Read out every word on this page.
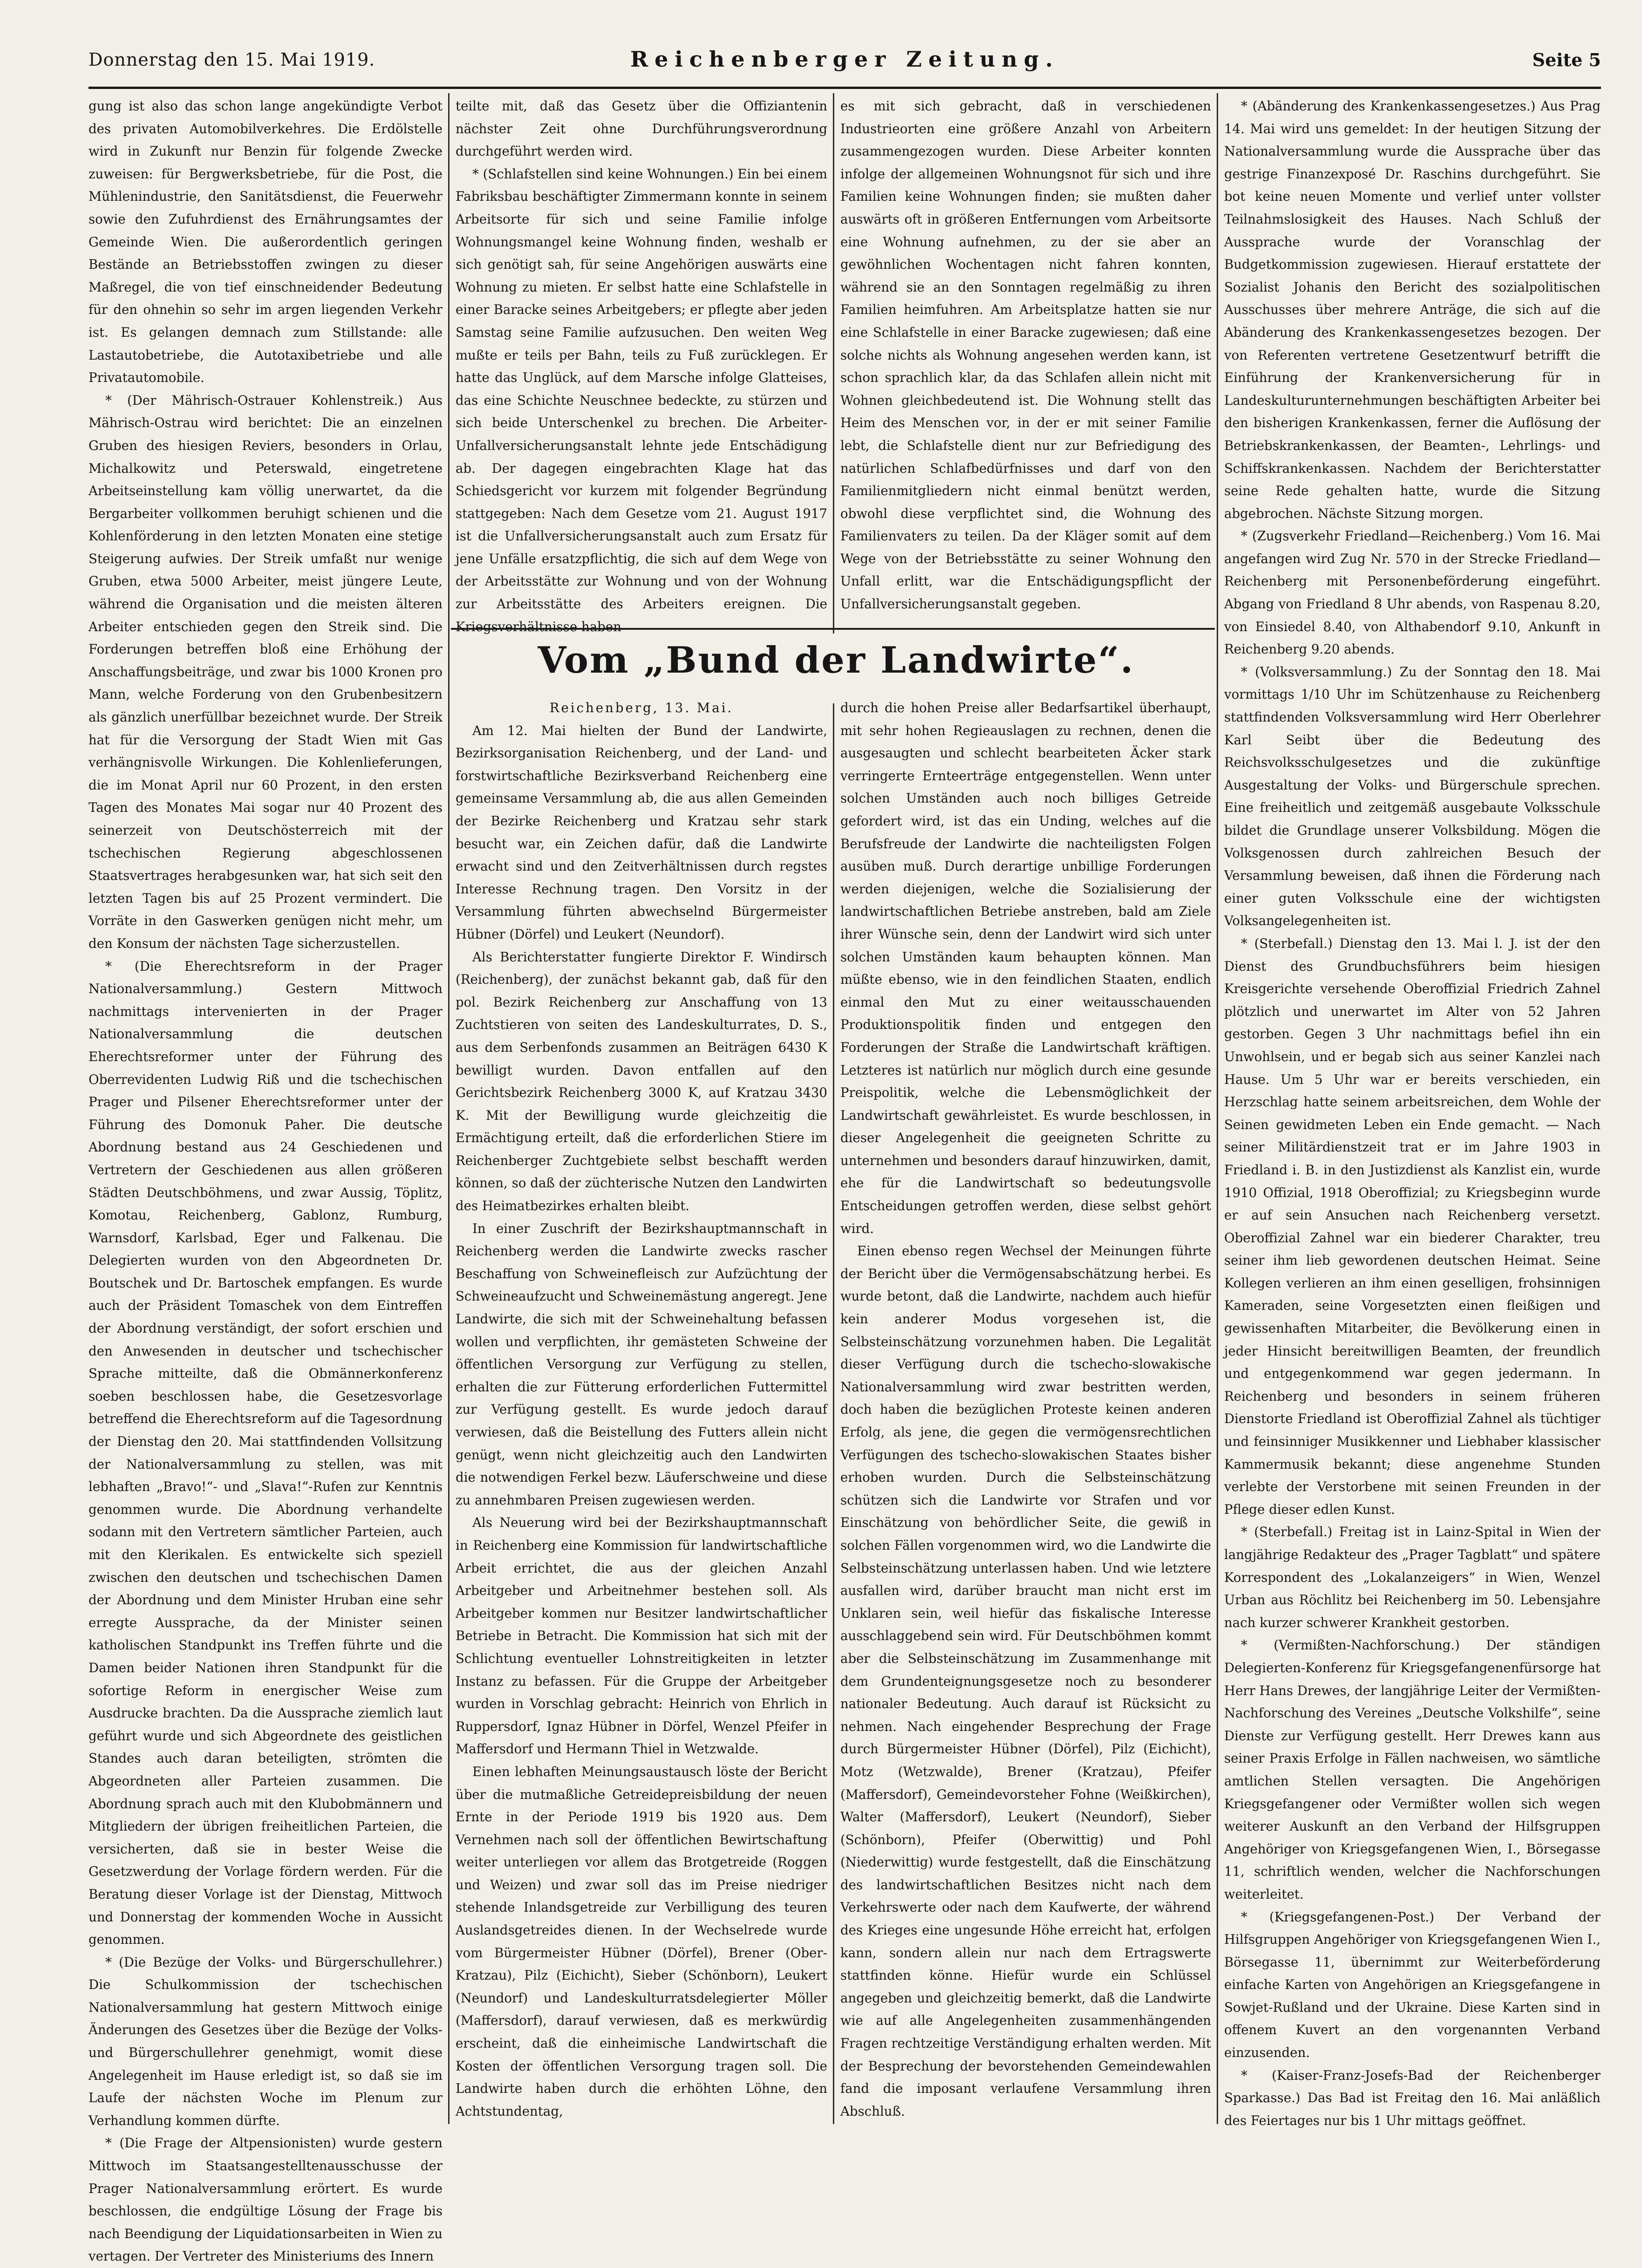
Donnerstag den 15. Mai 1919.	Reichenberger Zeitung.	Seite 5

gung ist also das schon lange angekündigte Verbot des privaten Automobilverkehres. Die Erdölstelle wird in Zukunft nur Benzin für folgende Zwecke zuweisen: für Bergwerksbetriebe, für die Post, die Mühlenindustrie, den Sanitätsdienst, die Feuerwehr sowie den Zufuhrdienst des Ernährungsamtes der Gemeinde Wien. Die außerordentlich geringen Bestände an Betriebsstoffen zwingen zu dieser Maßregel, die von tief einschneidender Bedeutung für den ohnehin so sehr im argen liegenden Verkehr ist. Es gelangen demnach zum Stillstande: alle Lastautobetriebe, die Autotaxibetriebe und alle Privatautomobile.

* (Der Mährisch-Ostrauer Kohlenstreik.) Aus Mährisch-Ostrau wird berichtet: Die an einzelnen Gruben des hiesigen Reviers, besonders in Orlau, Michalkowitz und Peterswald, eingetretene Arbeitseinstellung kam völlig unerwartet, da die Bergarbeiter vollkommen beruhigt schienen und die Kohlenförderung in den letzten Monaten eine stetige Steigerung aufwies. Der Streik umfaßt nur wenige Gruben, etwa 5000 Arbeiter, meist jüngere Leute, während die Organisation und die meisten älteren Arbeiter entschieden gegen den Streik sind. Die Forderungen betreffen bloß eine Erhöhung der Anschaffungsbeiträge, und zwar bis 1000 Kronen pro Mann, welche Forderung von den Grubenbesitzern als gänzlich unerfüllbar bezeichnet wurde. Der Streik hat für die Versorgung der Stadt Wien mit Gas verhängnisvolle Wirkungen. Die Kohlenlieferungen, die im Monat April nur 60 Prozent, in den ersten Tagen des Monates Mai sogar nur 40 Prozent des seinerzeit von Deutschösterreich mit der tschechischen Regierung abgeschlossenen Staatsvertrages herabgesunken war, hat sich seit den letzten Tagen bis auf 25 Prozent vermindert. Die Vorräte in den Gaswerken genügen nicht mehr, um den Konsum der nächsten Tage sicherzustellen.

* (Die Eherechtsreform in der Prager Nationalversammlung.) Gestern Mittwoch nachmittags intervenierten in der Prager Nationalversammlung die deutschen Eherechtsreformer unter der Führung des Oberrevidenten Ludwig Riß und die tschechischen Prager und Pilsener Eherechtsreformer unter der Führung des Domonuk Paher. Die deutsche Abordnung bestand aus 24 Geschiedenen und Vertretern der Geschiedenen aus allen größeren Städten Deutschböhmens, und zwar Aussig, Töplitz, Komotau, Reichenberg, Gablonz, Rumburg, Warnsdorf, Karlsbad, Eger und Falkenau. Die Delegierten wurden von den Abgeordneten Dr. Boutschek und Dr. Bartoschek empfangen. Es wurde auch der Präsident Tomaschek von dem Eintreffen der Abordnung verständigt, der sofort erschien und den Anwesenden in deutscher und tschechischer Sprache mitteilte, daß die Obmännerkonferenz soeben beschlossen habe, die Gesetzesvorlage betreffend die Eherechtsreform auf die Tagesordnung der Dienstag den 20. Mai stattfindenden Vollsitzung der Nationalversammlung zu stellen, was mit lebhaften „Bravo!“- und „Slava!“-Rufen zur Kenntnis genommen wurde. Die Abordnung verhandelte sodann mit den Vertretern sämtlicher Parteien, auch mit den Klerikalen. Es entwickelte sich speziell zwischen den deutschen und tschechischen Damen der Abordnung und dem Minister Hruban eine sehr erregte Aussprache, da der Minister seinen katholischen Standpunkt ins Treffen führte und die Damen beider Nationen ihren Standpunkt für die sofortige Reform in energischer Weise zum Ausdrucke brachten. Da die Aussprache ziemlich laut geführt wurde und sich Abgeordnete des geistlichen Standes auch daran beteiligten, strömten die Abgeordneten aller Parteien zusammen. Die Abordnung sprach auch mit den Klubobmännern und Mitgliedern der übrigen freiheitlichen Parteien, die versicherten, daß sie in bester Weise die Gesetzwerdung der Vorlage fördern werden. Für die Beratung dieser Vorlage ist der Dienstag, Mittwoch und Donnerstag der kommenden Woche in Aussicht genommen.

* (Die Bezüge der Volks- und Bürgerschullehrer.) Die Schulkommission der tschechischen Nationalversammlung hat gestern Mittwoch einige Änderungen des Gesetzes über die Bezüge der Volks- und Bürgerschullehrer genehmigt, womit diese Angelegenheit im Hause erledigt ist, so daß sie im Laufe der nächsten Woche im Plenum zur Verhandlung kommen dürfte.

* (Die Frage der Altpensionisten) wurde gestern Mittwoch im Staatsangestelltenausschusse der Prager Nationalversammlung erörtert. Es wurde beschlossen, die endgültige Lösung der Frage bis nach Beendigung der Liquidationsarbeiten in Wien zu vertagen. Der Vertreter des Ministeriums des Innern

teilte mit, daß das Gesetz über die Offiziantenin nächster Zeit ohne Durchführungsverordnung durchgeführt werden wird.

* (Schlafstellen sind keine Wohnungen.) Ein bei einem Fabriksbau beschäftigter Zimmermann konnte in seinem Arbeitsorte für sich und seine Familie infolge Wohnungsmangel keine Wohnung finden, weshalb er sich genötigt sah, für seine Angehörigen auswärts eine Wohnung zu mieten. Er selbst hatte eine Schlafstelle in einer Baracke seines Arbeitgebers; er pflegte aber jeden Samstag seine Familie aufzusuchen. Den weiten Weg mußte er teils per Bahn, teils zu Fuß zurücklegen. Er hatte das Unglück, auf dem Marsche infolge Glatteises, das eine Schichte Neuschnee bedeckte, zu stürzen und sich beide Unterschenkel zu brechen. Die Arbeiter-Unfallversicherungsanstalt lehnte jede Entschädigung ab. Der dagegen eingebrachten Klage hat das Schiedsgericht vor kurzem mit folgender Begründung stattgegeben: Nach dem Gesetze vom 21. August 1917 ist die Unfallversicherungsanstalt auch zum Ersatz für jene Unfälle ersatzpflichtig, die sich auf dem Wege von der Arbeitsstätte zur Wohnung und von der Wohnung zur Arbeitsstätte des Arbeiters ereignen. Die Kriegsverhältnisse haben

es mit sich gebracht, daß in verschiedenen Industrieorten eine größere Anzahl von Arbeitern zusammengezogen wurden. Diese Arbeiter konnten infolge der allgemeinen Wohnungsnot für sich und ihre Familien keine Wohnungen finden; sie mußten daher auswärts oft in größeren Entfernungen vom Arbeitsorte eine Wohnung aufnehmen, zu der sie aber an gewöhnlichen Wochentagen nicht fahren konnten, während sie an den Sonntagen regelmäßig zu ihren Familien heimfuhren. Am Arbeitsplatze hatten sie nur eine Schlafstelle in einer Baracke zugewiesen; daß eine solche nichts als Wohnung angesehen werden kann, ist schon sprachlich klar, da das Schlafen allein nicht mit Wohnen gleichbedeutend ist. Die Wohnung stellt das Heim des Menschen vor, in der er mit seiner Familie lebt, die Schlafstelle dient nur zur Befriedigung des natürlichen Schlafbedürfnisses und darf von den Familienmitgliedern nicht einmal benützt werden, obwohl diese verpflichtet sind, die Wohnung des Familienvaters zu teilen. Da der Kläger somit auf dem Wege von der Betriebsstätte zu seiner Wohnung den Unfall erlitt, war die Entschädigungspflicht der Unfallversicherungsanstalt gegeben.

Vom „Bund der Landwirte“.

Reichenberg, 13. Mai.

Am 12. Mai hielten der Bund der Landwirte, Bezirksorganisation Reichenberg, und der Land- und forstwirtschaftliche Bezirksverband Reichenberg eine gemeinsame Versammlung ab, die aus allen Gemeinden der Bezirke Reichenberg und Kratzau sehr stark besucht war, ein Zeichen dafür, daß die Landwirte erwacht sind und den Zeitverhältnissen durch regstes Interesse Rechnung tragen. Den Vorsitz in der Versammlung führten abwechselnd Bürgermeister Hübner (Dörfel) und Leukert (Neundorf).

Als Berichterstatter fungierte Direktor F. Windirsch (Reichenberg), der zunächst bekannt gab, daß für den pol. Bezirk Reichenberg zur Anschaffung von 13 Zuchtstieren von seiten des Landeskulturrates, D. S., aus dem Serbenfonds zusammen an Beiträgen 6430 K bewilligt wurden. Davon entfallen auf den Gerichtsbezirk Reichenberg 3000 K, auf Kratzau 3430 K. Mit der Bewilligung wurde gleichzeitig die Ermächtigung erteilt, daß die erforderlichen Stiere im Reichenberger Zuchtgebiete selbst beschafft werden können, so daß der züchterische Nutzen den Landwirten des Heimatbezirkes erhalten bleibt.

In einer Zuschrift der Bezirkshauptmannschaft in Reichenberg werden die Landwirte zwecks rascher Beschaffung von Schweinefleisch zur Aufzüchtung der Schweineaufzucht und Schweinemästung angeregt. Jene Landwirte, die sich mit der Schweinehaltung befassen wollen und verpflichten, ihr gemästeten Schweine der öffentlichen Versorgung zur Verfügung zu stellen, erhalten die zur Fütterung erforderlichen Futtermittel zur Verfügung gestellt. Es wurde jedoch darauf verwiesen, daß die Beistellung des Futters allein nicht genügt, wenn nicht gleichzeitig auch den Landwirten die notwendigen Ferkel bezw. Läuferschweine und diese zu annehmbaren Preisen zugewiesen werden.

Als Neuerung wird bei der Bezirkshauptmannschaft in Reichenberg eine Kommission für landwirtschaftliche Arbeit errichtet, die aus der gleichen Anzahl Arbeitgeber und Arbeitnehmer bestehen soll. Als Arbeitgeber kommen nur Besitzer landwirtschaftlicher Betriebe in Betracht. Die Kommission hat sich mit der Schlichtung eventueller Lohnstreitigkeiten in letzter Instanz zu befassen. Für die Gruppe der Arbeitgeber wurden in Vorschlag gebracht: Heinrich von Ehrlich in Ruppersdorf, Ignaz Hübner in Dörfel, Wenzel Pfeifer in Maffersdorf und Hermann Thiel in Wetzwalde.

Einen lebhaften Meinungsaustausch löste der Bericht über die mutmaßliche Getreidepreisbildung der neuen Ernte in der Periode 1919 bis 1920 aus. Dem Vernehmen nach soll der öffentlichen Bewirtschaftung weiter unterliegen vor allem das Brotgetreide (Roggen und Weizen) und zwar soll das im Preise niedriger stehende Inlandsgetreide zur Verbilligung des teuren Auslandsgetreides dienen. In der Wechselrede wurde vom Bürgermeister Hübner (Dörfel), Brener (Ober-Kratzau), Pilz (Eichicht), Sieber (Schönborn), Leukert (Neundorf) und Landeskulturratsdelegierter Möller (Maffersdorf), darauf verwiesen, daß es merkwürdig erscheint, daß die einheimische Landwirtschaft die Kosten der öffentlichen Versorgung tragen soll. Die Landwirte haben durch die erhöhten Löhne, den Achtstundentag,

durch die hohen Preise aller Bedarfsartikel überhaupt, mit sehr hohen Regieauslagen zu rechnen, denen die ausgesaugten und schlecht bearbeiteten Äcker stark verringerte Ernteerträge entgegenstellen. Wenn unter solchen Umständen auch noch billiges Getreide gefordert wird, ist das ein Unding, welches auf die Berufsfreude der Landwirte die nachteiligsten Folgen ausüben muß. Durch derartige unbillige Forderungen werden diejenigen, welche die Sozialisierung der landwirtschaftlichen Betriebe anstreben, bald am Ziele ihrer Wünsche sein, denn der Landwirt wird sich unter solchen Umständen kaum behaupten können. Man müßte ebenso, wie in den feindlichen Staaten, endlich einmal den Mut zu einer weitausschauenden Produktionspolitik finden und entgegen den Forderungen der Straße die Landwirtschaft kräftigen. Letzteres ist natürlich nur möglich durch eine gesunde Preispolitik, welche die Lebensmöglichkeit der Landwirtschaft gewährleistet. Es wurde beschlossen, in dieser Angelegenheit die geeigneten Schritte zu unternehmen und besonders darauf hinzuwirken, damit, ehe für die Landwirtschaft so bedeutungsvolle Entscheidungen getroffen werden, diese selbst gehört wird.

Einen ebenso regen Wechsel der Meinungen führte der Bericht über die Vermögensabschätzung herbei. Es wurde betont, daß die Landwirte, nachdem auch hiefür kein anderer Modus vorgesehen ist, die Selbsteinschätzung vorzunehmen haben. Die Legalität dieser Verfügung durch die tschecho-slowakische Nationalversammlung wird zwar bestritten werden, doch haben die bezüglichen Proteste keinen anderen Erfolg, als jene, die gegen die vermögensrechtlichen Verfügungen des tschecho-slowakischen Staates bisher erhoben wurden. Durch die Selbsteinschätzung schützen sich die Landwirte vor Strafen und vor Einschätzung von behördlicher Seite, die gewiß in solchen Fällen vorgenommen wird, wo die Landwirte die Selbsteinschätzung unterlassen haben. Und wie letztere ausfallen wird, darüber braucht man nicht erst im Unklaren sein, weil hiefür das fiskalische Interesse ausschlaggebend sein wird. Für Deutschböhmen kommt aber die Selbsteinschätzung im Zusammenhange mit dem Grundenteignungsgesetze noch zu besonderer nationaler Bedeutung. Auch darauf ist Rücksicht zu nehmen. Nach eingehender Besprechung der Frage durch Bürgermeister Hübner (Dörfel), Pilz (Eichicht), Motz (Wetzwalde), Brener (Kratzau), Pfeifer (Maffersdorf), Gemeindevorsteher Fohne (Weißkirchen), Walter (Maffersdorf), Leukert (Neundorf), Sieber (Schönborn), Pfeifer (Oberwittig) und Pohl (Niederwittig) wurde festgestellt, daß die Einschätzung des landwirtschaftlichen Besitzes nicht nach dem Verkehrswerte oder nach dem Kaufwerte, der während des Krieges eine ungesunde Höhe erreicht hat, erfolgen kann, sondern allein nur nach dem Ertragswerte stattfinden könne. Hiefür wurde ein Schlüssel angegeben und gleichzeitig bemerkt, daß die Landwirte wie auf alle Angelegenheiten zusammenhängenden Fragen rechtzeitige Verständigung erhalten werden. Mit der Besprechung der bevorstehenden Gemeindewahlen fand die imposant verlaufene Versammlung ihren Abschluß.

* (Abänderung des Krankenkassengesetzes.) Aus Prag 14. Mai wird uns gemeldet: In der heutigen Sitzung der Nationalversammlung wurde die Aussprache über das gestrige Finanzexposé Dr. Raschins durchgeführt. Sie bot keine neuen Momente und verlief unter vollster Teilnahmslosigkeit des Hauses. Nach Schluß der Aussprache wurde der Voranschlag der Budgetkommission zugewiesen. Hierauf erstattete der Sozialist Johanis den Bericht des sozialpolitischen Ausschusses über mehrere Anträge, die sich auf die Abänderung des Krankenkassengesetzes bezogen. Der von Referenten vertretene Gesetzentwurf betrifft die Einführung der Krankenversicherung für in Landeskulturunternehmungen beschäftigten Arbeiter bei den bisherigen Krankenkassen, ferner die Auflösung der Betriebskrankenkassen, der Beamten-, Lehrlings- und Schiffskrankenkassen. Nachdem der Berichterstatter seine Rede gehalten hatte, wurde die Sitzung abgebrochen. Nächste Sitzung morgen.

* (Zugsverkehr Friedland—Reichenberg.) Vom 16. Mai angefangen wird Zug Nr. 570 in der Strecke Friedland—Reichenberg mit Personenbeförderung eingeführt. Abgang von Friedland 8 Uhr abends, von Raspenau 8.20, von Einsiedel 8.40, von Althabendorf 9.10, Ankunft in Reichenberg 9.20 abends.

* (Volksversammlung.) Zu der Sonntag den 18. Mai vormittags 1/10 Uhr im Schützenhause zu Reichenberg stattfindenden Volksversammlung wird Herr Oberlehrer Karl Seibt über die Bedeutung des Reichsvolksschulgesetzes und die zukünftige Ausgestaltung der Volks- und Bürgerschule sprechen. Eine freiheitlich und zeitgemäß ausgebaute Volksschule bildet die Grundlage unserer Volksbildung. Mögen die Volksgenossen durch zahlreichen Besuch der Versammlung beweisen, daß ihnen die Förderung nach einer guten Volksschule eine der wichtigsten Volksangelegenheiten ist.

* (Sterbefall.) Dienstag den 13. Mai l. J. ist der den Dienst des Grundbuchsführers beim hiesigen Kreisgerichte versehende Oberoffizial Friedrich Zahnel plötzlich und unerwartet im Alter von 52 Jahren gestorben. Gegen 3 Uhr nachmittags befiel ihn ein Unwohlsein, und er begab sich aus seiner Kanzlei nach Hause. Um 5 Uhr war er bereits verschieden, ein Herzschlag hatte seinem arbeitsreichen, dem Wohle der Seinen gewidmeten Leben ein Ende gemacht. — Nach seiner Militärdienstzeit trat er im Jahre 1903 in Friedland i. B. in den Justizdienst als Kanzlist ein, wurde 1910 Offizial, 1918 Oberoffizial; zu Kriegsbeginn wurde er auf sein Ansuchen nach Reichenberg versetzt. Oberoffizial Zahnel war ein biederer Charakter, treu seiner ihm lieb gewordenen deutschen Heimat. Seine Kollegen verlieren an ihm einen geselligen, frohsinnigen Kameraden, seine Vorgesetzten einen fleißigen und gewissenhaften Mitarbeiter, die Bevölkerung einen in jeder Hinsicht bereitwilligen Beamten, der freundlich und entgegenkommend war gegen jedermann. In Reichenberg und besonders in seinem früheren Dienstorte Friedland ist Oberoffizial Zahnel als tüchtiger und feinsinniger Musikkenner und Liebhaber klassischer Kammermusik bekannt; diese angenehme Stunden verlebte der Verstorbene mit seinen Freunden in der Pflege dieser edlen Kunst.

* (Sterbefall.) Freitag ist in Lainz-Spital in Wien der langjährige Redakteur des „Prager Tagblatt“ und spätere Korrespondent des „Lokalanzeigers“ in Wien, Wenzel Urban aus Röchlitz bei Reichenberg im 50. Lebensjahre nach kurzer schwerer Krankheit gestorben.

* (Vermißten-Nachforschung.) Der ständigen Delegierten-Konferenz für Kriegsgefangenenfürsorge hat Herr Hans Drewes, der langjährige Leiter der Vermißten-Nachforschung des Vereines „Deutsche Volkshilfe“, seine Dienste zur Verfügung gestellt. Herr Drewes kann aus seiner Praxis Erfolge in Fällen nachweisen, wo sämtliche amtlichen Stellen versagten. Die Angehörigen Kriegsgefangener oder Vermißter wollen sich wegen weiterer Auskunft an den Verband der Hilfsgruppen Angehöriger von Kriegsgefangenen Wien, I., Börsegasse 11, schriftlich wenden, welcher die Nachforschungen weiterleitet.

* (Kriegsgefangenen-Post.) Der Verband der Hilfsgruppen Angehöriger von Kriegsgefangenen Wien I., Börsegasse 11, übernimmt zur Weiterbeförderung einfache Karten von Angehörigen an Kriegsgefangene in Sowjet-Rußland und der Ukraine. Diese Karten sind in offenem Kuvert an den vorgenannten Verband einzusenden.

* (Kaiser-Franz-Josefs-Bad der Reichenberger Sparkasse.) Das Bad ist Freitag den 16. Mai anläßlich des Feiertages nur bis 1 Uhr mittags geöffnet.
